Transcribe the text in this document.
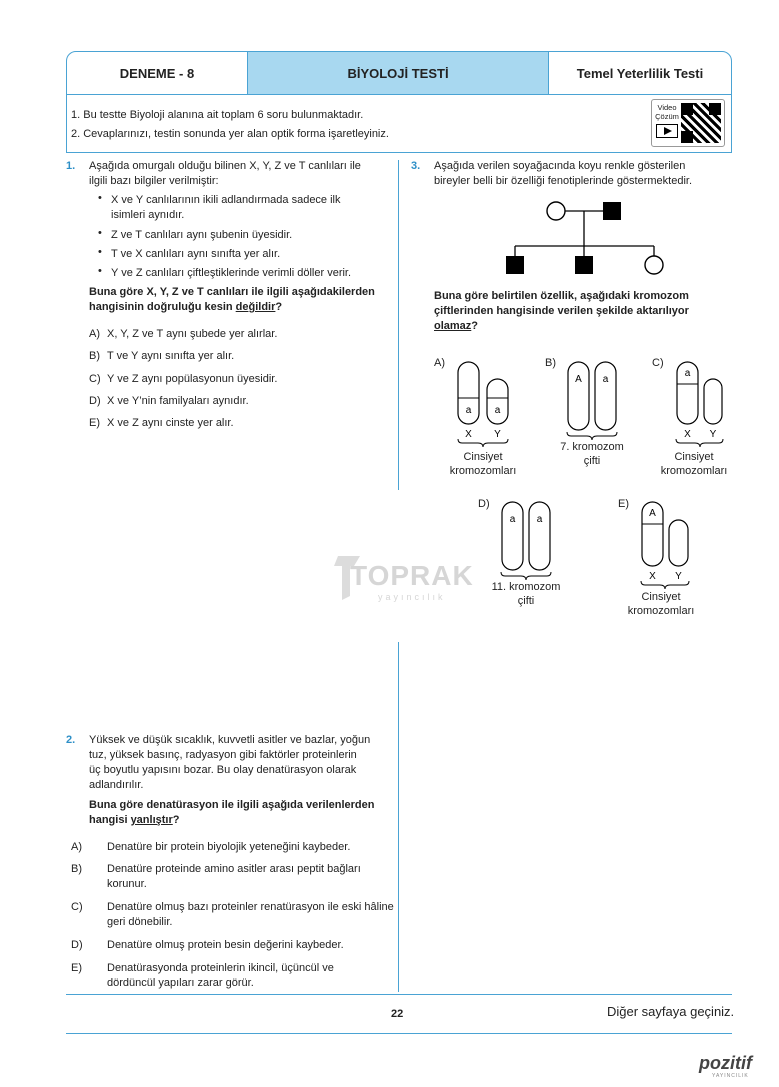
DENEME - 8	BİYOLOJİ TESTİ	Temel Yeterlilik Testi
1. Bu testte Biyoloji alanına ait toplam 6 soru bulunmaktadır.
2. Cevaplarınızı, testin sonunda yer alan optik forma işaretleyiniz.
Video Çözüm
1. Aşağıda omurgalı olduğu bilinen X, Y, Z ve T canlıları ile
ilgili bazı bilgiler verilmiştir:
• X ve Y canlılarının ikili adlandırmada sadece ilk
isimleri aynıdır.
• Z ve T canlıları aynı şubenin üyesidir.
• T ve X canlıları aynı sınıfta yer alır.
• Y ve Z canlıları çiftleştiklerinde verimli döller verir.
Buna göre X, Y, Z ve T canlıları ile ilgili aşağıdakilerden
hangisinin doğruluğu kesin değildir?
A) X, Y, Z ve T aynı şubede yer alırlar.
B) T ve Y aynı sınıfta yer alır.
C) Y ve Z aynı popülasyonun üyesidir.
D) X ve Y’nin familyaları aynıdır.
E) X ve Z aynı cinste yer alır.
3. Aşağıda verilen soyağacında koyu renkle gösterilen
bireyler belli bir özelliği fenotiplerinde göstermektedir.
Buna göre belirtilen özellik, aşağıdaki kromozom
çiftlerinden hangisinde verilen şekilde aktarılıyor
olamaz?
A)
a a
X Y
Cinsiyet
kromozomları
B)
A a
7. kromozom
çifti
C)
a
X Y
Cinsiyet
kromozomları
D)
a a
11. kromozom
çifti
E)
A
X Y
Cinsiyet
kromozomları
TOPRAK
yayıncılık
2. Yüksek ve düşük sıcaklık, kuvvetli asitler ve bazlar, yoğun
tuz, yüksek basınç, radyasyon gibi faktörler proteinlerin
üç boyutlu yapısını bozar. Bu olay denatürasyon olarak
adlandırılır.
Buna göre denatürasyon ile ilgili aşağıda verilenlerden
hangisi yanlıştır?
A) Denatüre bir protein biyolojik yeteneğini kaybeder.
B) Denatüre proteinde amino asitler arası peptit bağları korunur.
C) Denatüre olmuş bazı proteinler renatürasyon ile eski hâline geri dönebilir.
D) Denatüre olmuş protein besin değerini kaybeder.
E) Denatürasyonda proteinlerin ikincil, üçüncül ve dördüncül yapıları zarar görür.
22	Diğer sayfaya geçiniz.
pozitif
YAYINCILIK
